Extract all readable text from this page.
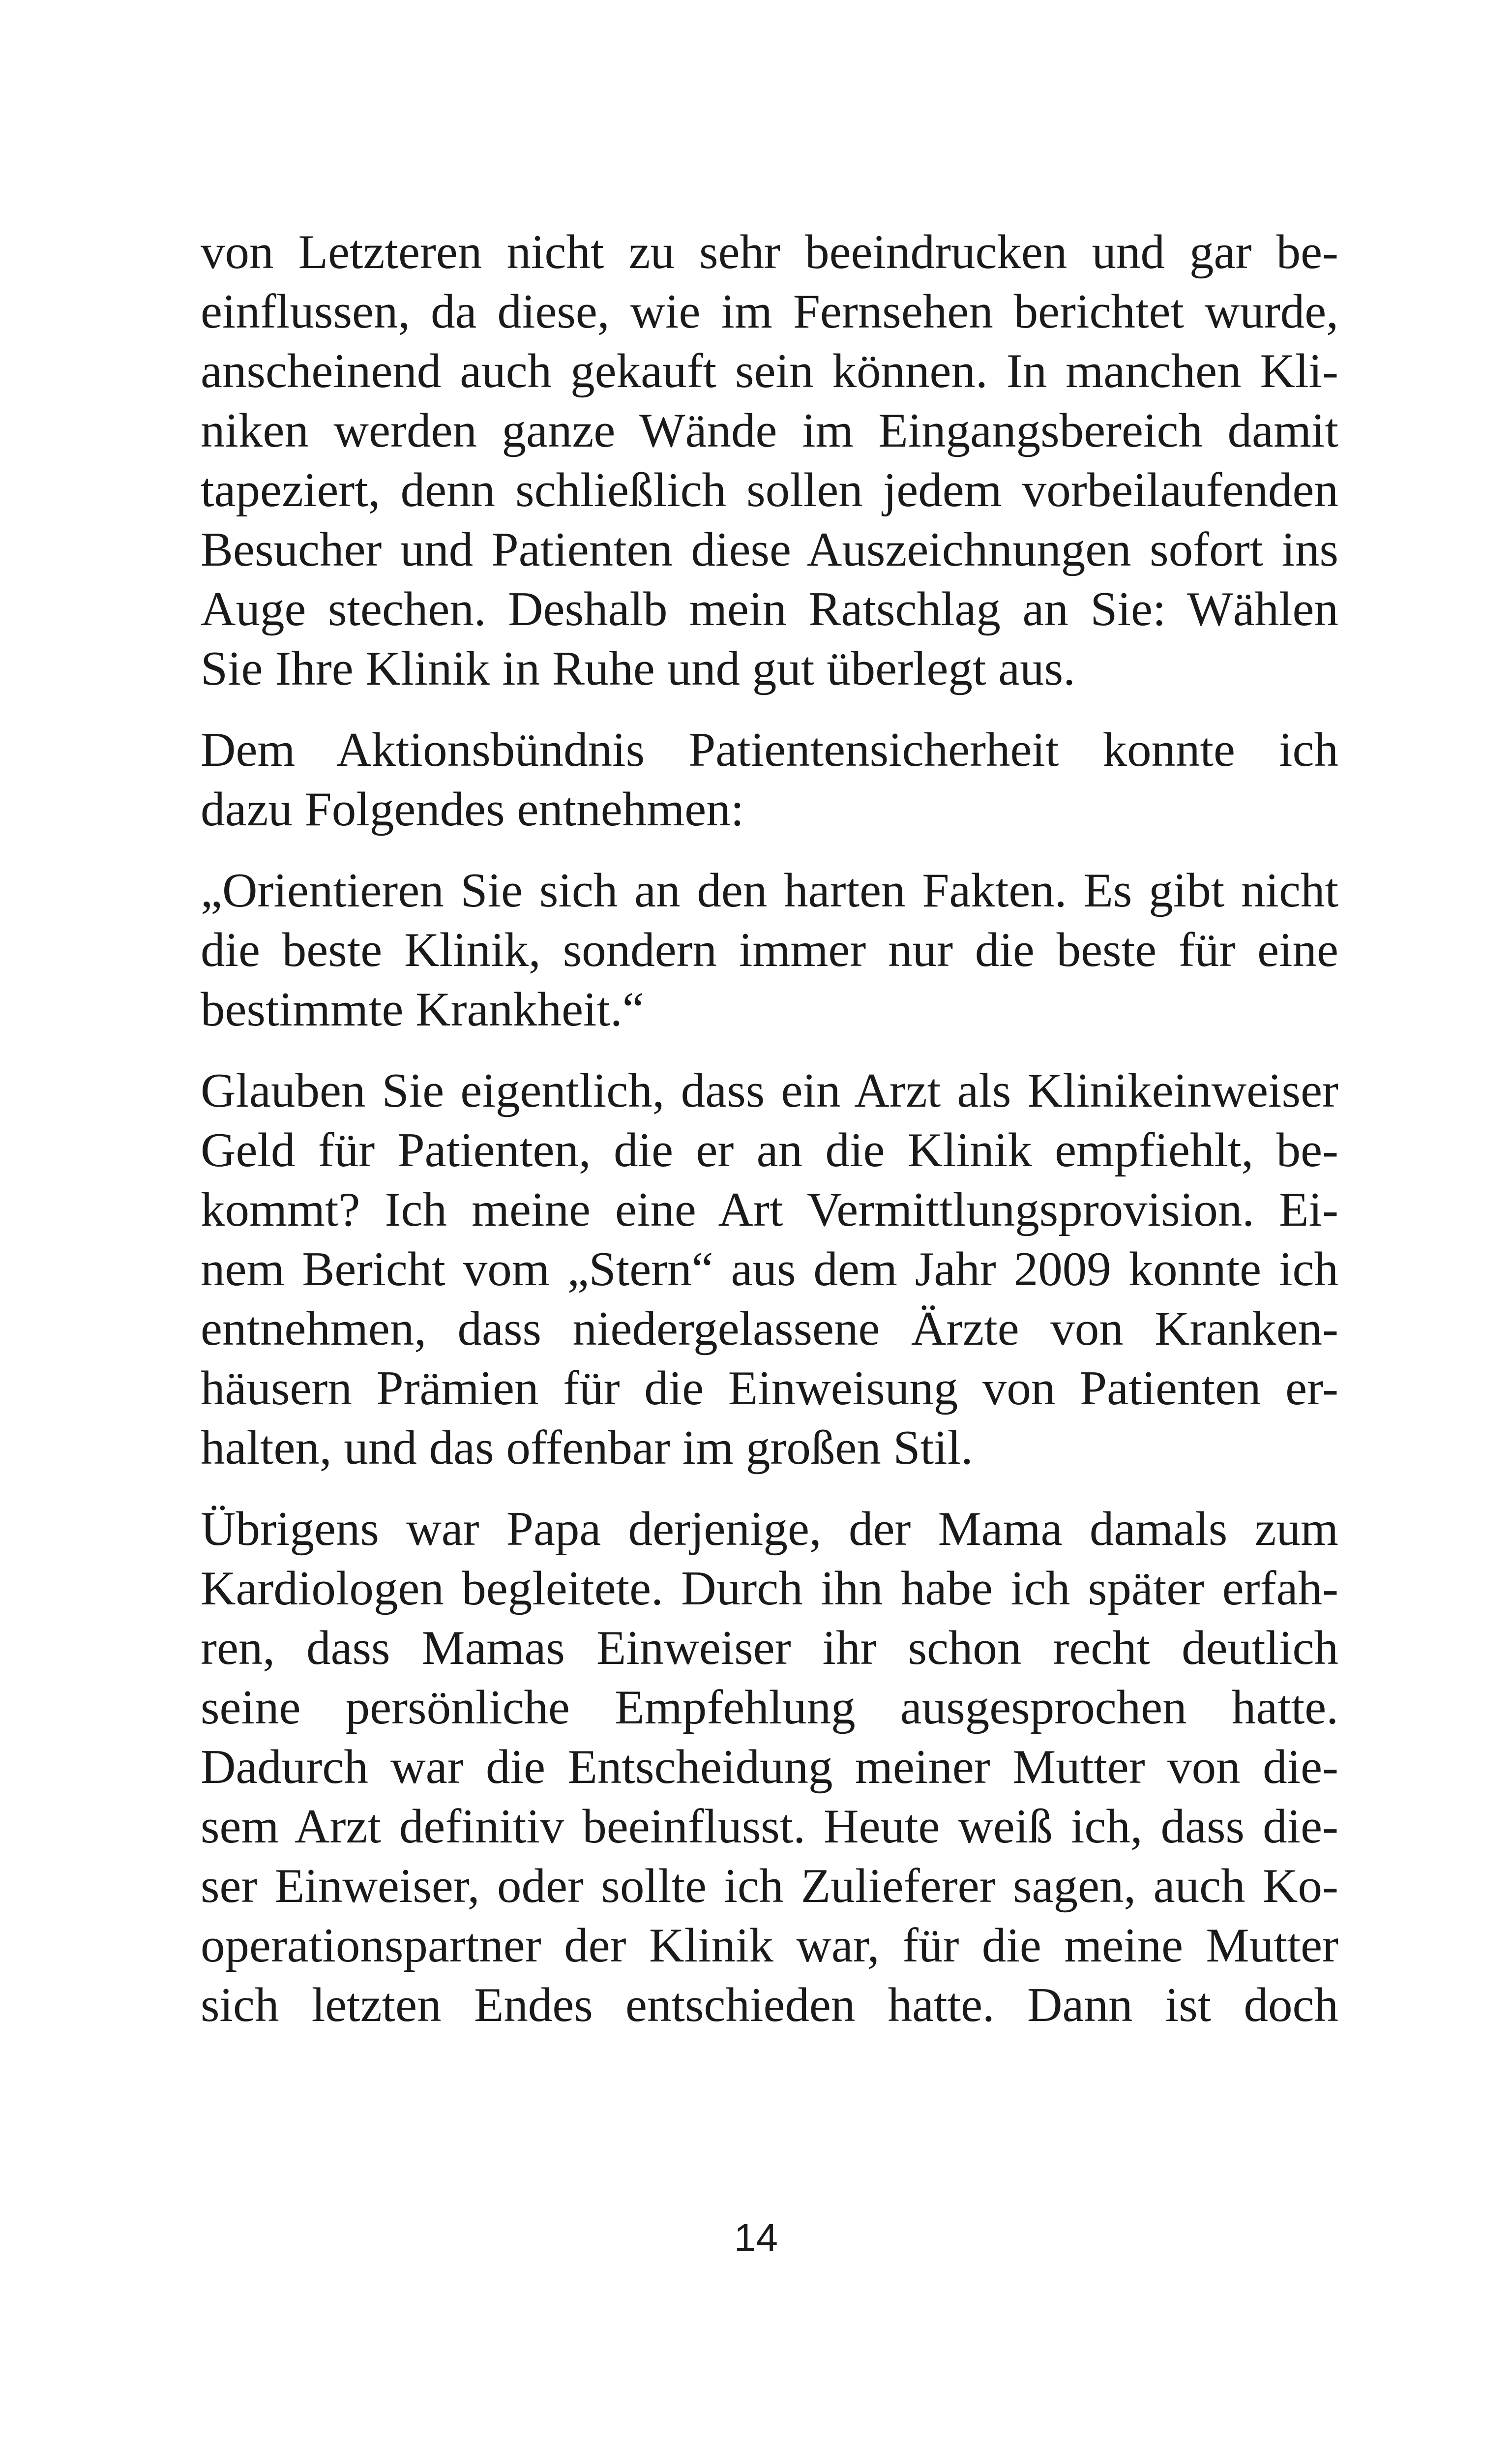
von Letzteren nicht zu sehr beeindrucken und gar be-
einflussen, da diese, wie im Fernsehen berichtet wurde,
anscheinend auch gekauft sein können. In manchen Kli-
niken werden ganze Wände im Eingangsbereich damit
tapeziert, denn schließlich sollen jedem vorbeilaufenden
Besucher und Patienten diese Auszeichnungen sofort ins
Auge stechen. Deshalb mein Ratschlag an Sie: Wählen
Sie Ihre Klinik in Ruhe und gut überlegt aus.
Dem Aktionsbündnis Patientensicherheit konnte ich
dazu Folgendes entnehmen:
„Orientieren Sie sich an den harten Fakten. Es gibt nicht
die beste Klinik, sondern immer nur die beste für eine
bestimmte Krankheit.“
Glauben Sie eigentlich, dass ein Arzt als Klinikeinweiser
Geld für Patienten, die er an die Klinik empfiehlt, be-
kommt? Ich meine eine Art Vermittlungsprovision. Ei-
nem Bericht vom „Stern“ aus dem Jahr 2009 konnte ich
entnehmen, dass niedergelassene Ärzte von Kranken-
häusern Prämien für die Einweisung von Patienten er-
halten, und das offenbar im großen Stil.
Übrigens war Papa derjenige, der Mama damals zum
Kardiologen begleitete. Durch ihn habe ich später erfah-
ren, dass Mamas Einweiser ihr schon recht deutlich
seine persönliche Empfehlung ausgesprochen hatte.
Dadurch war die Entscheidung meiner Mutter von die-
sem Arzt definitiv beeinflusst. Heute weiß ich, dass die-
ser Einweiser, oder sollte ich Zulieferer sagen, auch Ko-
operationspartner der Klinik war, für die meine Mutter
sich letzten Endes entschieden hatte. Dann ist doch
14
